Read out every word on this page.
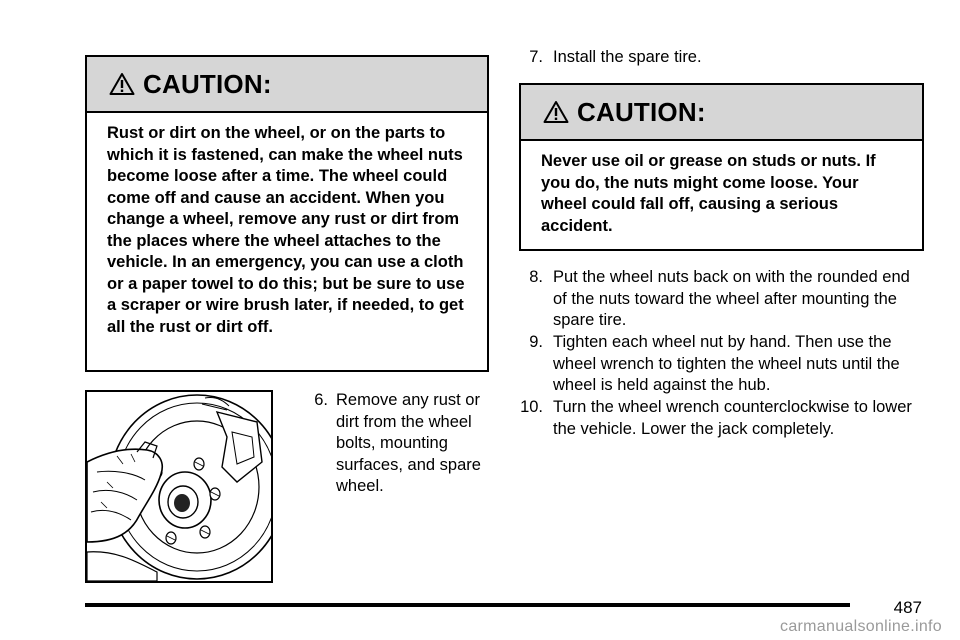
CAUTION:
Rust or dirt on the wheel, or on the parts to which it is fastened, can make the wheel nuts become loose after a time. The wheel could come off and cause an accident. When you change a wheel, remove any rust or dirt from the places where the wheel attaches to the vehicle. In an emergency, you can use a cloth or a paper towel to do this; but be sure to use a scraper or wire brush later, if needed, to get all the rust or dirt off.
6. Remove any rust or dirt from the wheel bolts, mounting surfaces, and spare wheel.
7. Install the spare tire.
CAUTION:
Never use oil or grease on studs or nuts. If you do, the nuts might come loose. Your wheel could fall off, causing a serious accident.
8. Put the wheel nuts back on with the rounded end of the nuts toward the wheel after mounting the spare tire.
9. Tighten each wheel nut by hand. Then use the wheel wrench to tighten the wheel nuts until the wheel is held against the hub.
10. Turn the wheel wrench counterclockwise to lower the vehicle. Lower the jack completely.
487
carmanualsonline.info
